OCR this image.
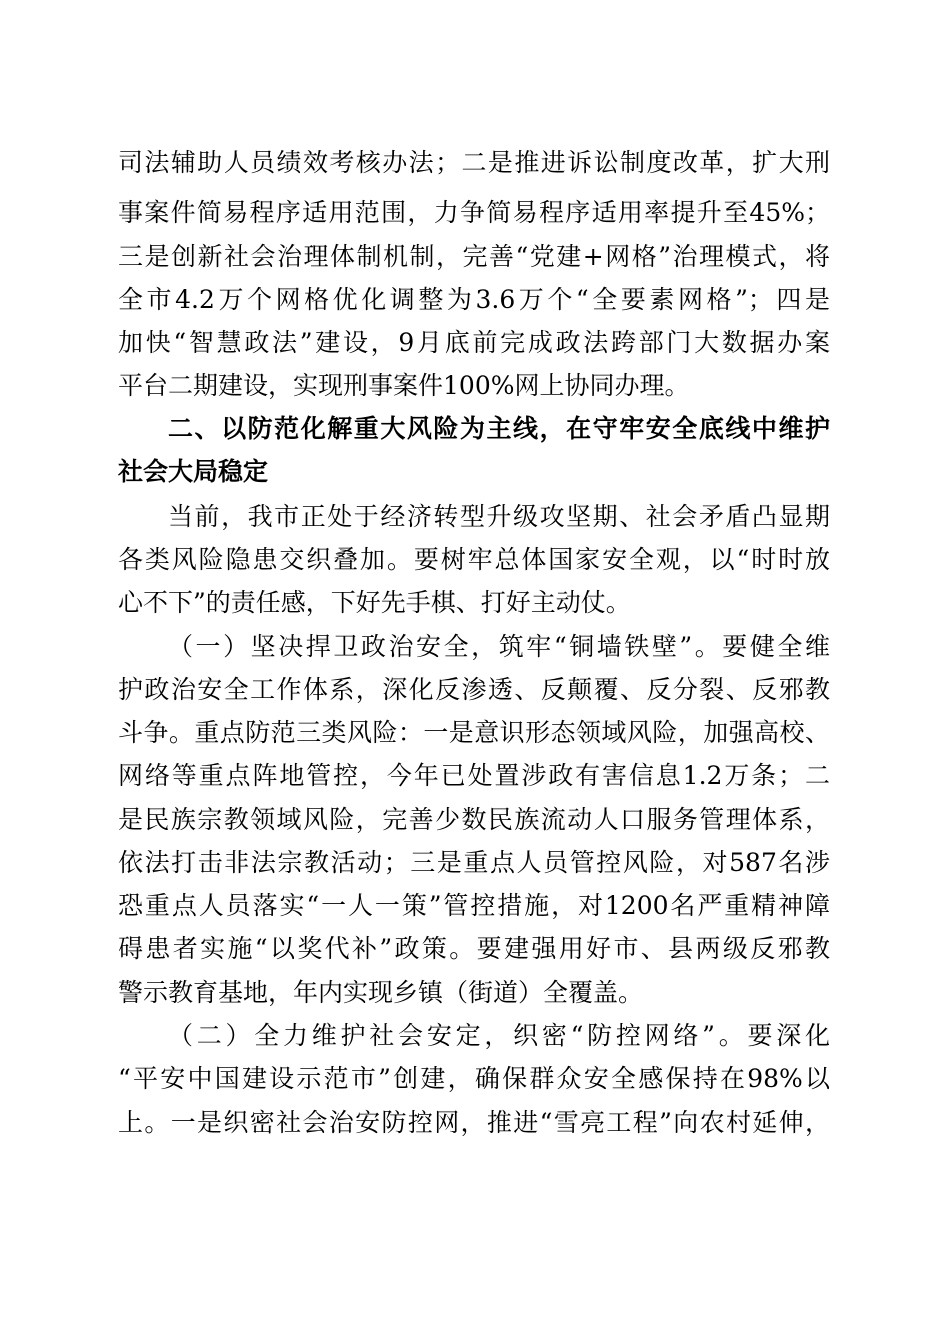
司法辅助人员绩效考核办法；二是推进诉讼制度改革，扩大刑
事案件简易程序适用范围，力争简易程序适用率提升至45%；
三是创新社会治理体制机制，完善“党建+网格”治理模式，将
全市4.2万个网格优化调整为3.6万个“全要素网格”；四是
加快“智慧政法”建设，9月底前完成政法跨部门大数据办案
平台二期建设，实现刑事案件100%网上协同办理。
二、以防范化解重大风险为主线，在守牢安全底线中维护
社会大局稳定
当前，我市正处于经济转型升级攻坚期、社会矛盾凸显期
各类风险隐患交织叠加。要树牢总体国家安全观，以“时时放
心不下”的责任感，下好先手棋、打好主动仗。
（一）坚决捍卫政治安全，筑牢“铜墙铁壁”。要健全维
护政治安全工作体系，深化反渗透、反颠覆、反分裂、反邪教
斗争。重点防范三类风险：一是意识形态领域风险，加强高校、
网络等重点阵地管控，今年已处置涉政有害信息1.2万条；二
是民族宗教领域风险，完善少数民族流动人口服务管理体系，
依法打击非法宗教活动；三是重点人员管控风险，对587名涉
恐重点人员落实“一人一策”管控措施，对1200名严重精神障
碍患者实施“以奖代补”政策。要建强用好市、县两级反邪教
警示教育基地，年内实现乡镇（街道）全覆盖。
（二）全力维护社会安定，织密“防控网络”。要深化
“平安中国建设示范市”创建，确保群众安全感保持在98%以
上。一是织密社会治安防控网，推进“雪亮工程”向农村延伸，
